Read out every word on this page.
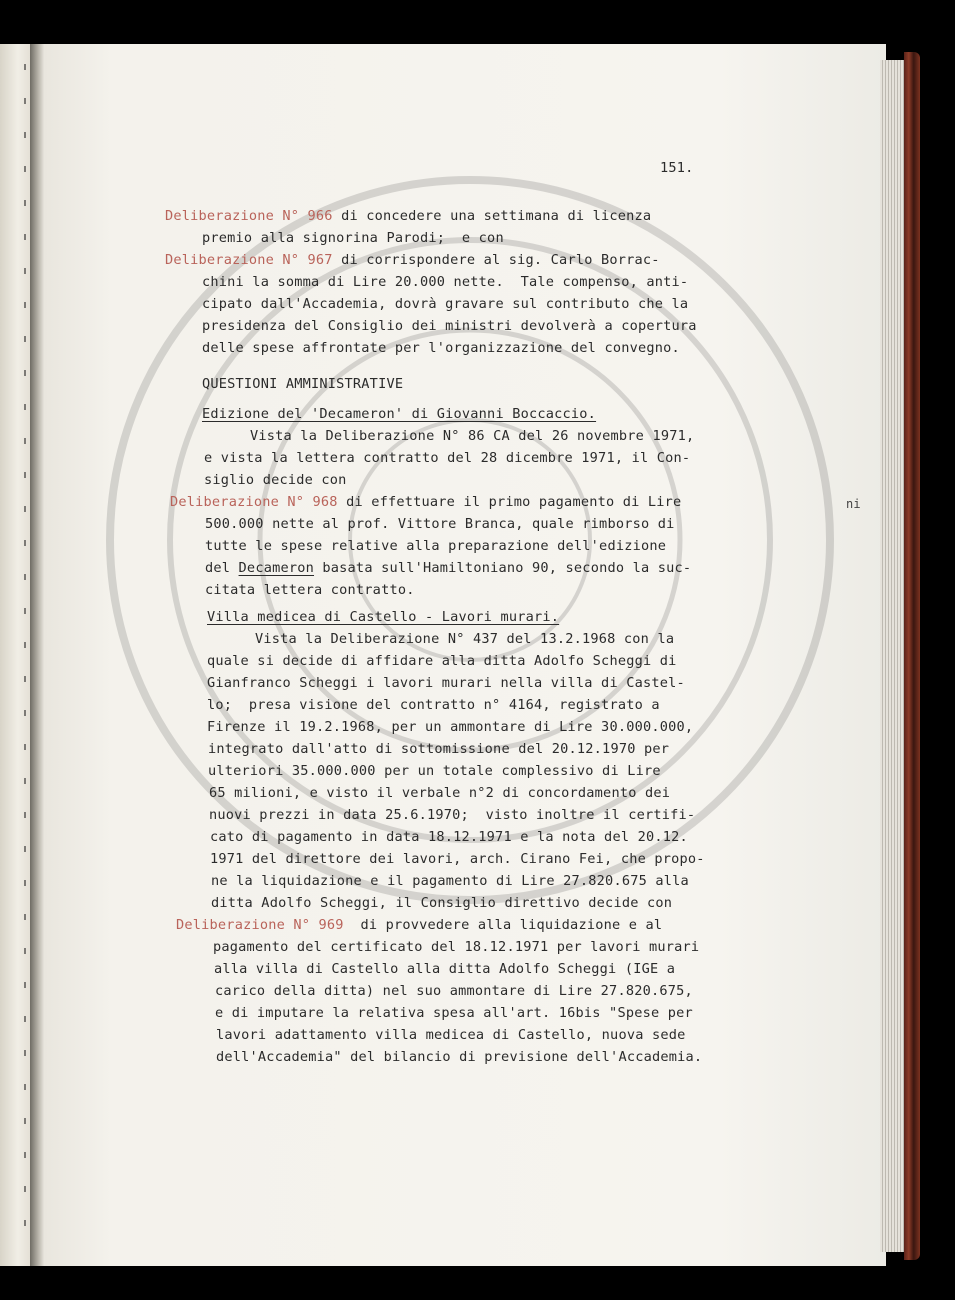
151.
Deliberazione N° 966 di concedere una settimana di licenza
premio alla signorina Parodi;  e con
Deliberazione N° 967 di corrispondere al sig. Carlo Borrac-
chini la somma di Lire 20.000 nette.  Tale compenso, anti-
cipato dall'Accademia, dovrà gravare sul contributo che la
presidenza del Consiglio dei ministri devolverà a copertura
delle spese affrontate per l'organizzazione del convegno.
QUESTIONI AMMINISTRATIVE
Edizione del 'Decameron' di Giovanni Boccaccio.
Vista la Deliberazione N° 86 CA del 26 novembre 1971,
e vista la lettera contratto del 28 dicembre 1971, il Con-
siglio decide con
Deliberazione N° 968 di effettuare il primo pagamento di Lire
500.000 nette al prof. Vittore Branca, quale rimborso di
tutte le spese relative alla preparazione dell'edizione
del Decameron basata sull'Hamiltoniano 90, secondo la suc-
citata lettera contratto.
Villa medicea di Castello - Lavori murari.
Vista la Deliberazione N° 437 del 13.2.1968 con la
quale si decide di affidare alla ditta Adolfo Scheggi di
Gianfranco Scheggi i lavori murari nella villa di Castel-
lo;  presa visione del contratto n° 4164, registrato a
Firenze il 19.2.1968, per un ammontare di Lire 30.000.000,
integrato dall'atto di sottomissione del 20.12.1970 per
ulteriori 35.000.000 per un totale complessivo di Lire
65 milioni, e visto il verbale n°2 di concordamento dei
nuovi prezzi in data 25.6.1970;  visto inoltre il certifi-
cato di pagamento in data 18.12.1971 e la nota del 20.12.
1971 del direttore dei lavori, arch. Cirano Fei, che propo-
ne la liquidazione e il pagamento di Lire 27.820.675 alla
ditta Adolfo Scheggi, il Consiglio direttivo decide con
Deliberazione N° 969  di provvedere alla liquidazione e al
pagamento del certificato del 18.12.1971 per lavori murari
alla villa di Castello alla ditta Adolfo Scheggi (IGE a
carico della ditta) nel suo ammontare di Lire 27.820.675,
e di imputare la relativa spesa all'art. 16bis "Spese per
lavori adattamento villa medicea di Castello, nuova sede
dell'Accademia" del bilancio di previsione dell'Accademia.
ni
